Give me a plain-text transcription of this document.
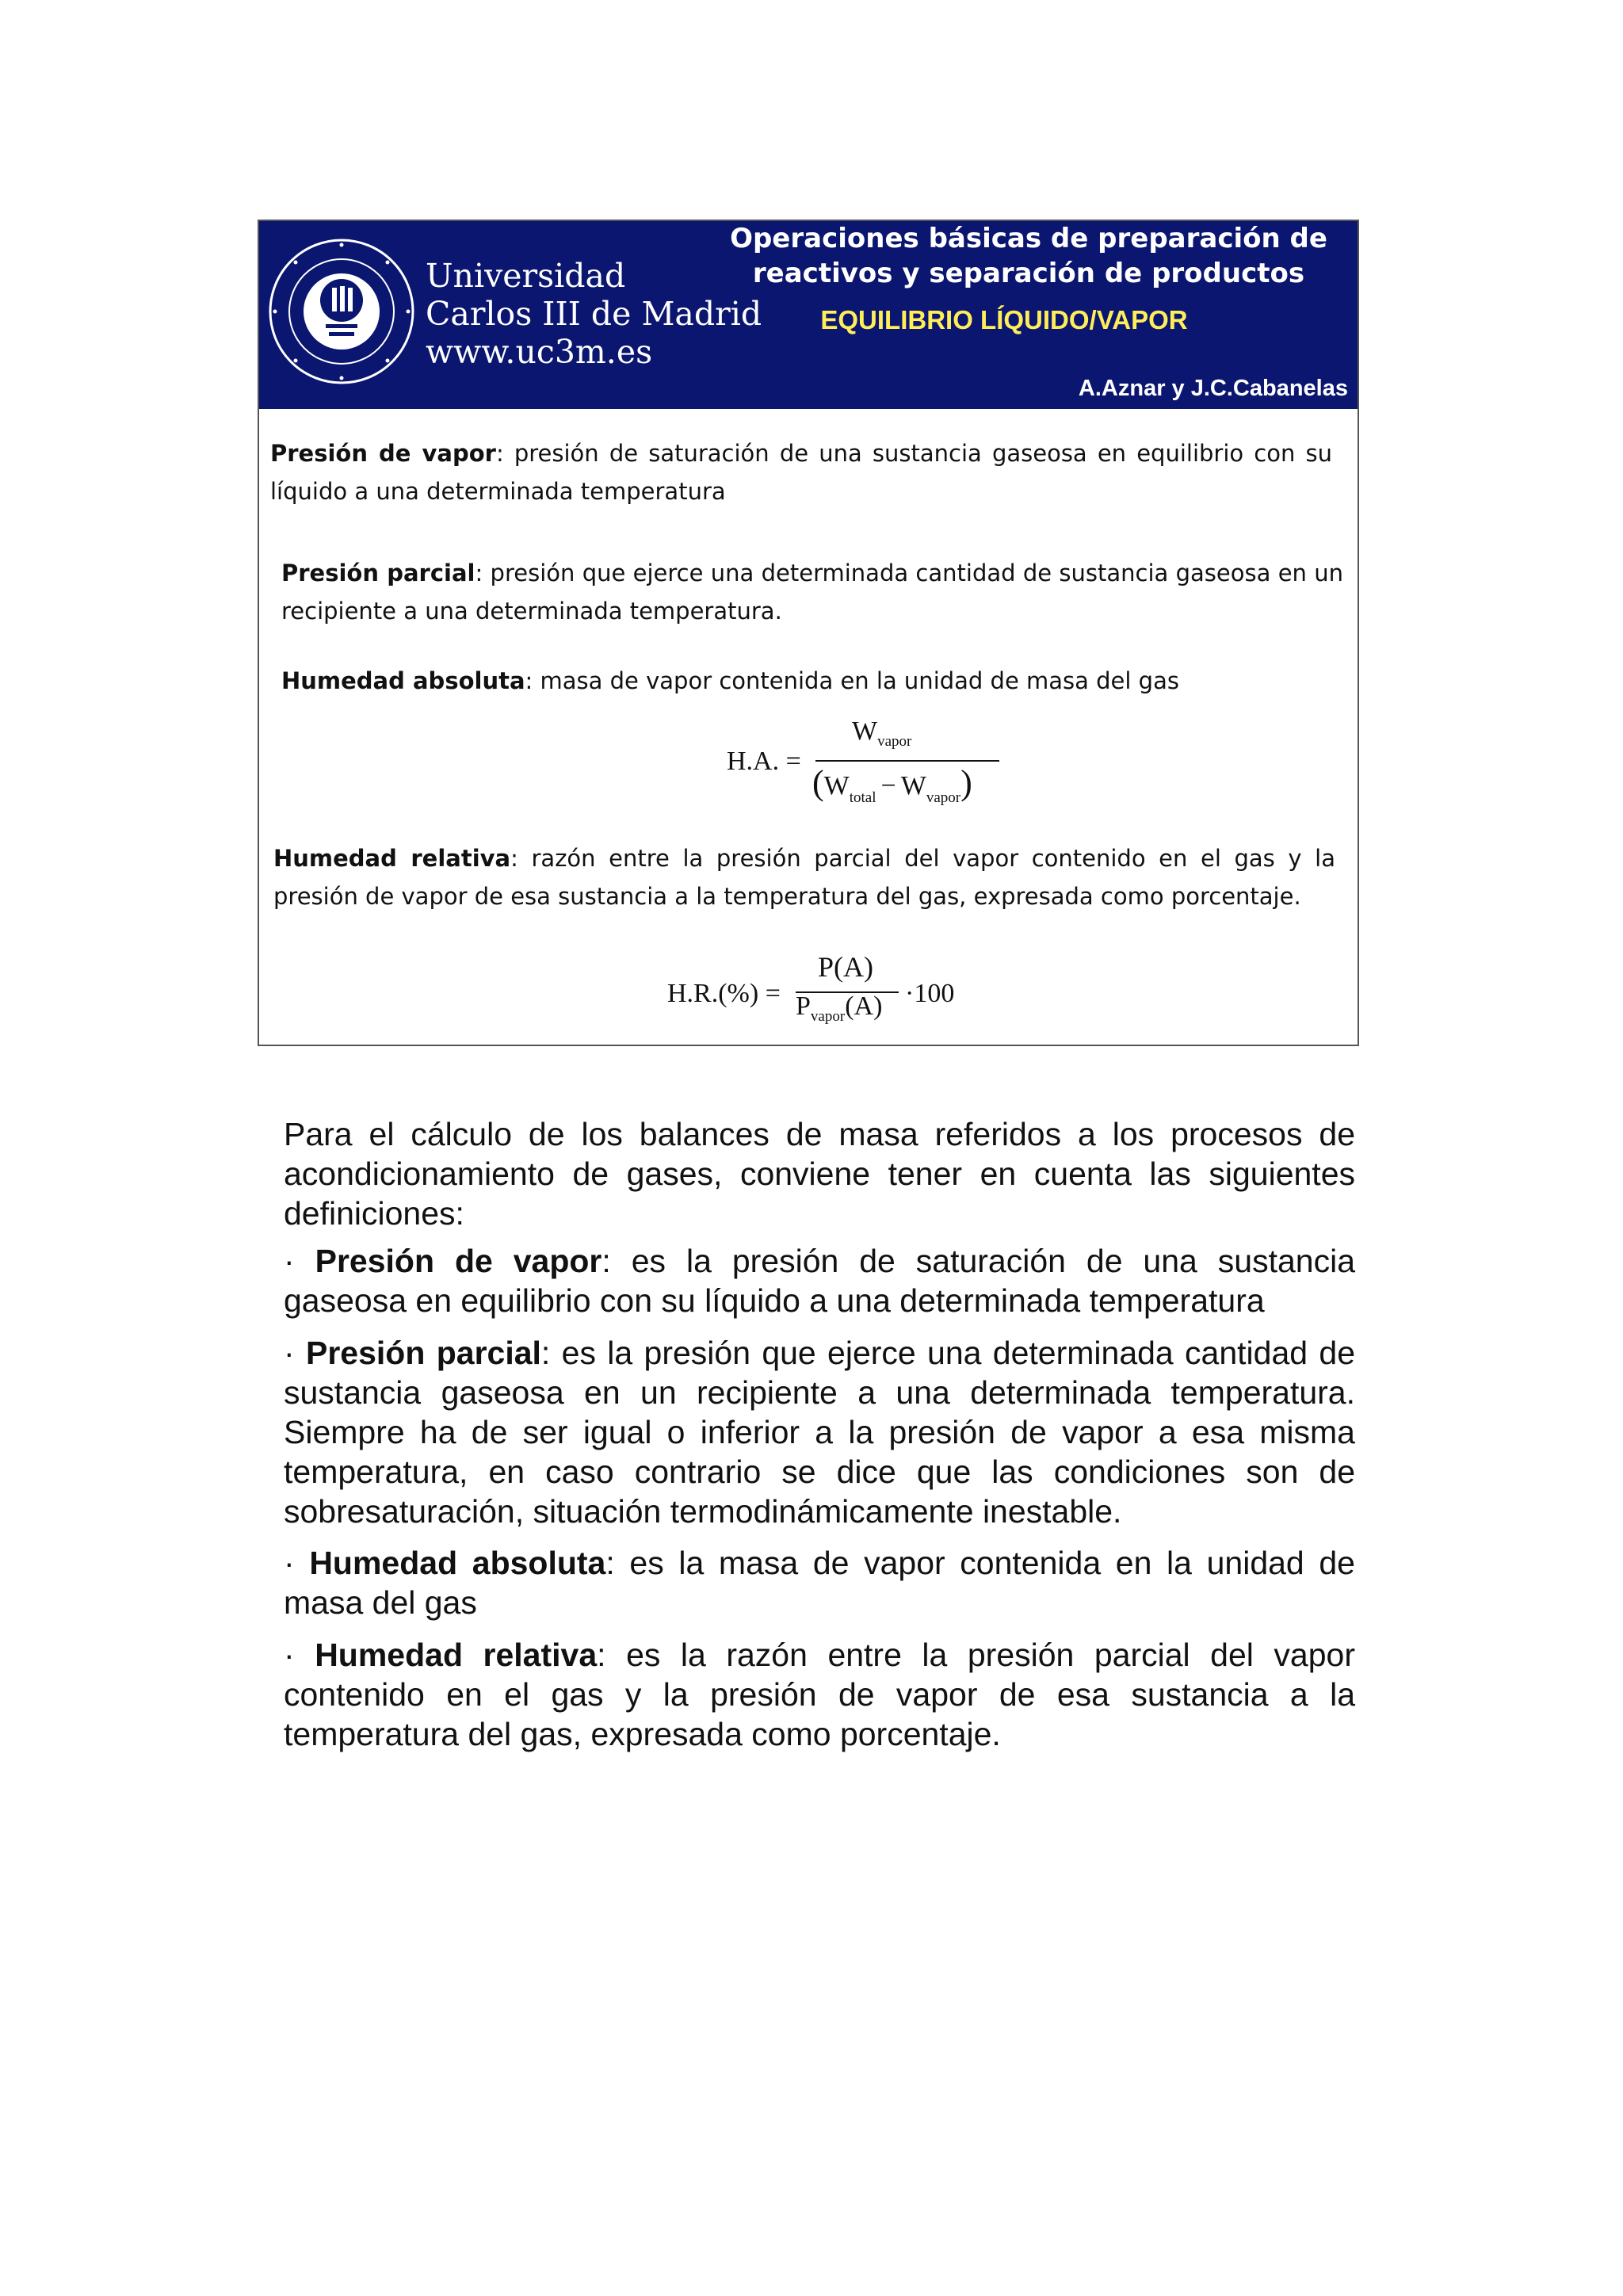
Universidad
Carlos III de Madrid
www.uc3m.es
Operaciones básicas de preparación de
reactivos y separación de productos
EQUILIBRIO LÍQUIDO/VAPOR
A.Aznar y J.C.Cabanelas

Presión de vapor: presión de saturación de una sustancia gaseosa en equilibrio con su líquido a una determinada temperatura

Presión parcial: presión que ejerce una determinada cantidad de sustancia gaseosa en un recipiente a una determinada temperatura.

Humedad absoluta: masa de vapor contenida en la unidad de masa del gas

H.A. =
$W_{vapor}$
$(W_{total} - W_{vapor})$

Humedad relativa: razón entre la presión parcial del vapor contenido en el gas y la presión de vapor de esa sustancia a la temperatura del gas, expresada como porcentaje.

H.R.(%) =
P(A)
$P_{vapor}(A) \cdot 100$

Para el cálculo de los balances de masa referidos a los procesos de acondicionamiento de gases, conviene tener en cuenta las siguientes definiciones:

· Presión de vapor: es la presión de saturación de una sustancia gaseosa en equilibrio con su líquido a una determinada temperatura

· Presión parcial: es la presión que ejerce una determinada cantidad de sustancia gaseosa en un recipiente a una determinada temperatura. Siempre ha de ser igual o inferior a la presión de vapor a esa misma temperatura, en caso contrario se dice que las condiciones son de sobresaturación, situación termodinámicamente inestable.

· Humedad absoluta: es la masa de vapor contenida en la unidad de masa del gas

· Humedad relativa: es la razón entre la presión parcial del vapor contenido en el gas y la presión de vapor de esa sustancia a la temperatura del gas, expresada como porcentaje.
